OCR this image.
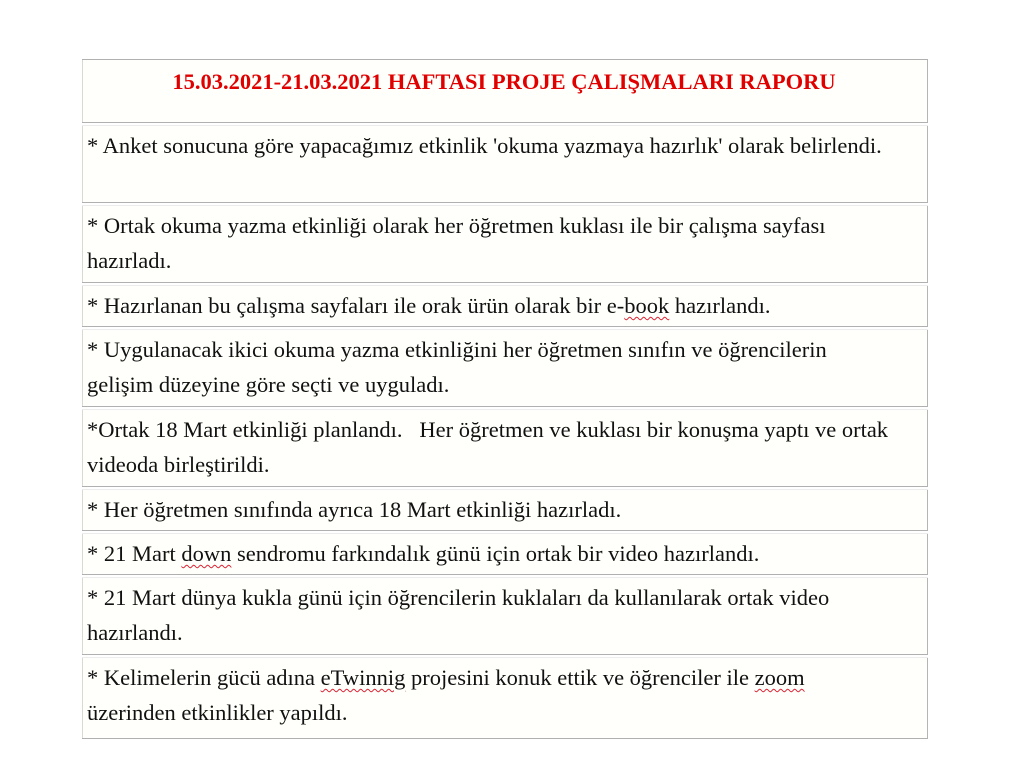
15.03.2021-21.03.2021 HAFTASI PROJE ÇALIŞMALARI RAPORU
* Anket sonucuna göre yapacağımız etkinlik 'okuma yazmaya hazırlık' olarak belirlendi.
* Ortak okuma yazma etkinliği olarak her öğretmen kuklası ile bir çalışma sayfası hazırladı.
* Hazırlanan bu çalışma sayfaları ile orak ürün olarak bir e-book hazırlandı.
* Uygulanacak ikici okuma yazma etkinliğini her öğretmen sınıfın ve öğrencilerin gelişim düzeyine göre seçti ve uyguladı.
*Ortak 18 Mart etkinliği planlandı.   Her öğretmen ve kuklası bir konuşma yaptı ve ortak videoda birleştirildi.
* Her öğretmen sınıfında ayrıca 18 Mart etkinliği hazırladı.
* 21 Mart down sendromu farkındalık günü için ortak bir video hazırlandı.
* 21 Mart dünya kukla günü için öğrencilerin kuklaları da kullanılarak ortak video hazırlandı.
* Kelimelerin gücü adına eTwinnig projesini konuk ettik ve öğrenciler ile zoom üzerinden etkinlikler yapıldı.
